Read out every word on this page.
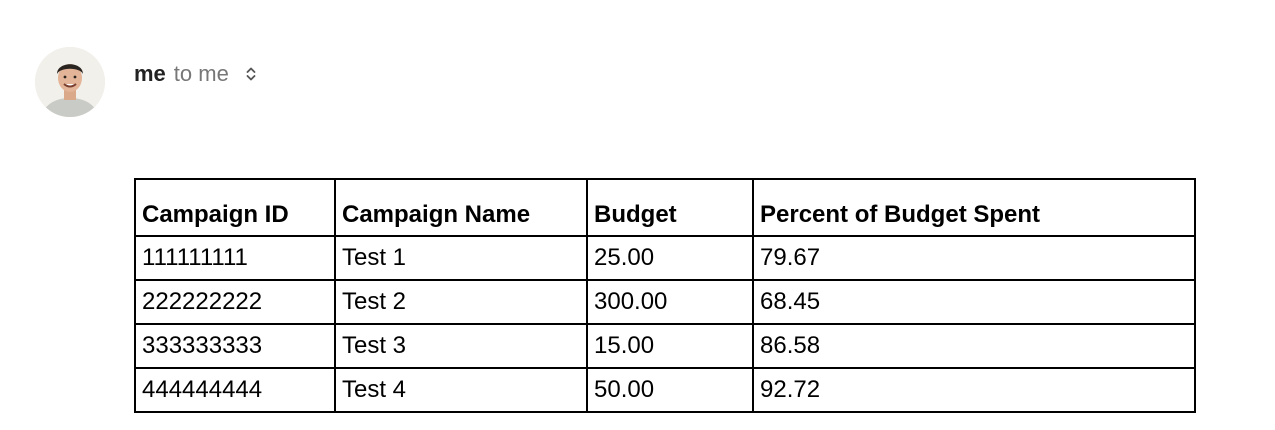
me to me
Campaign ID	Campaign Name	Budget	Percent of Budget Spent
111111111	Test 1	25.00	79.67
222222222	Test 2	300.00	68.45
333333333	Test 3	15.00	86.58
444444444	Test 4	50.00	92.72
